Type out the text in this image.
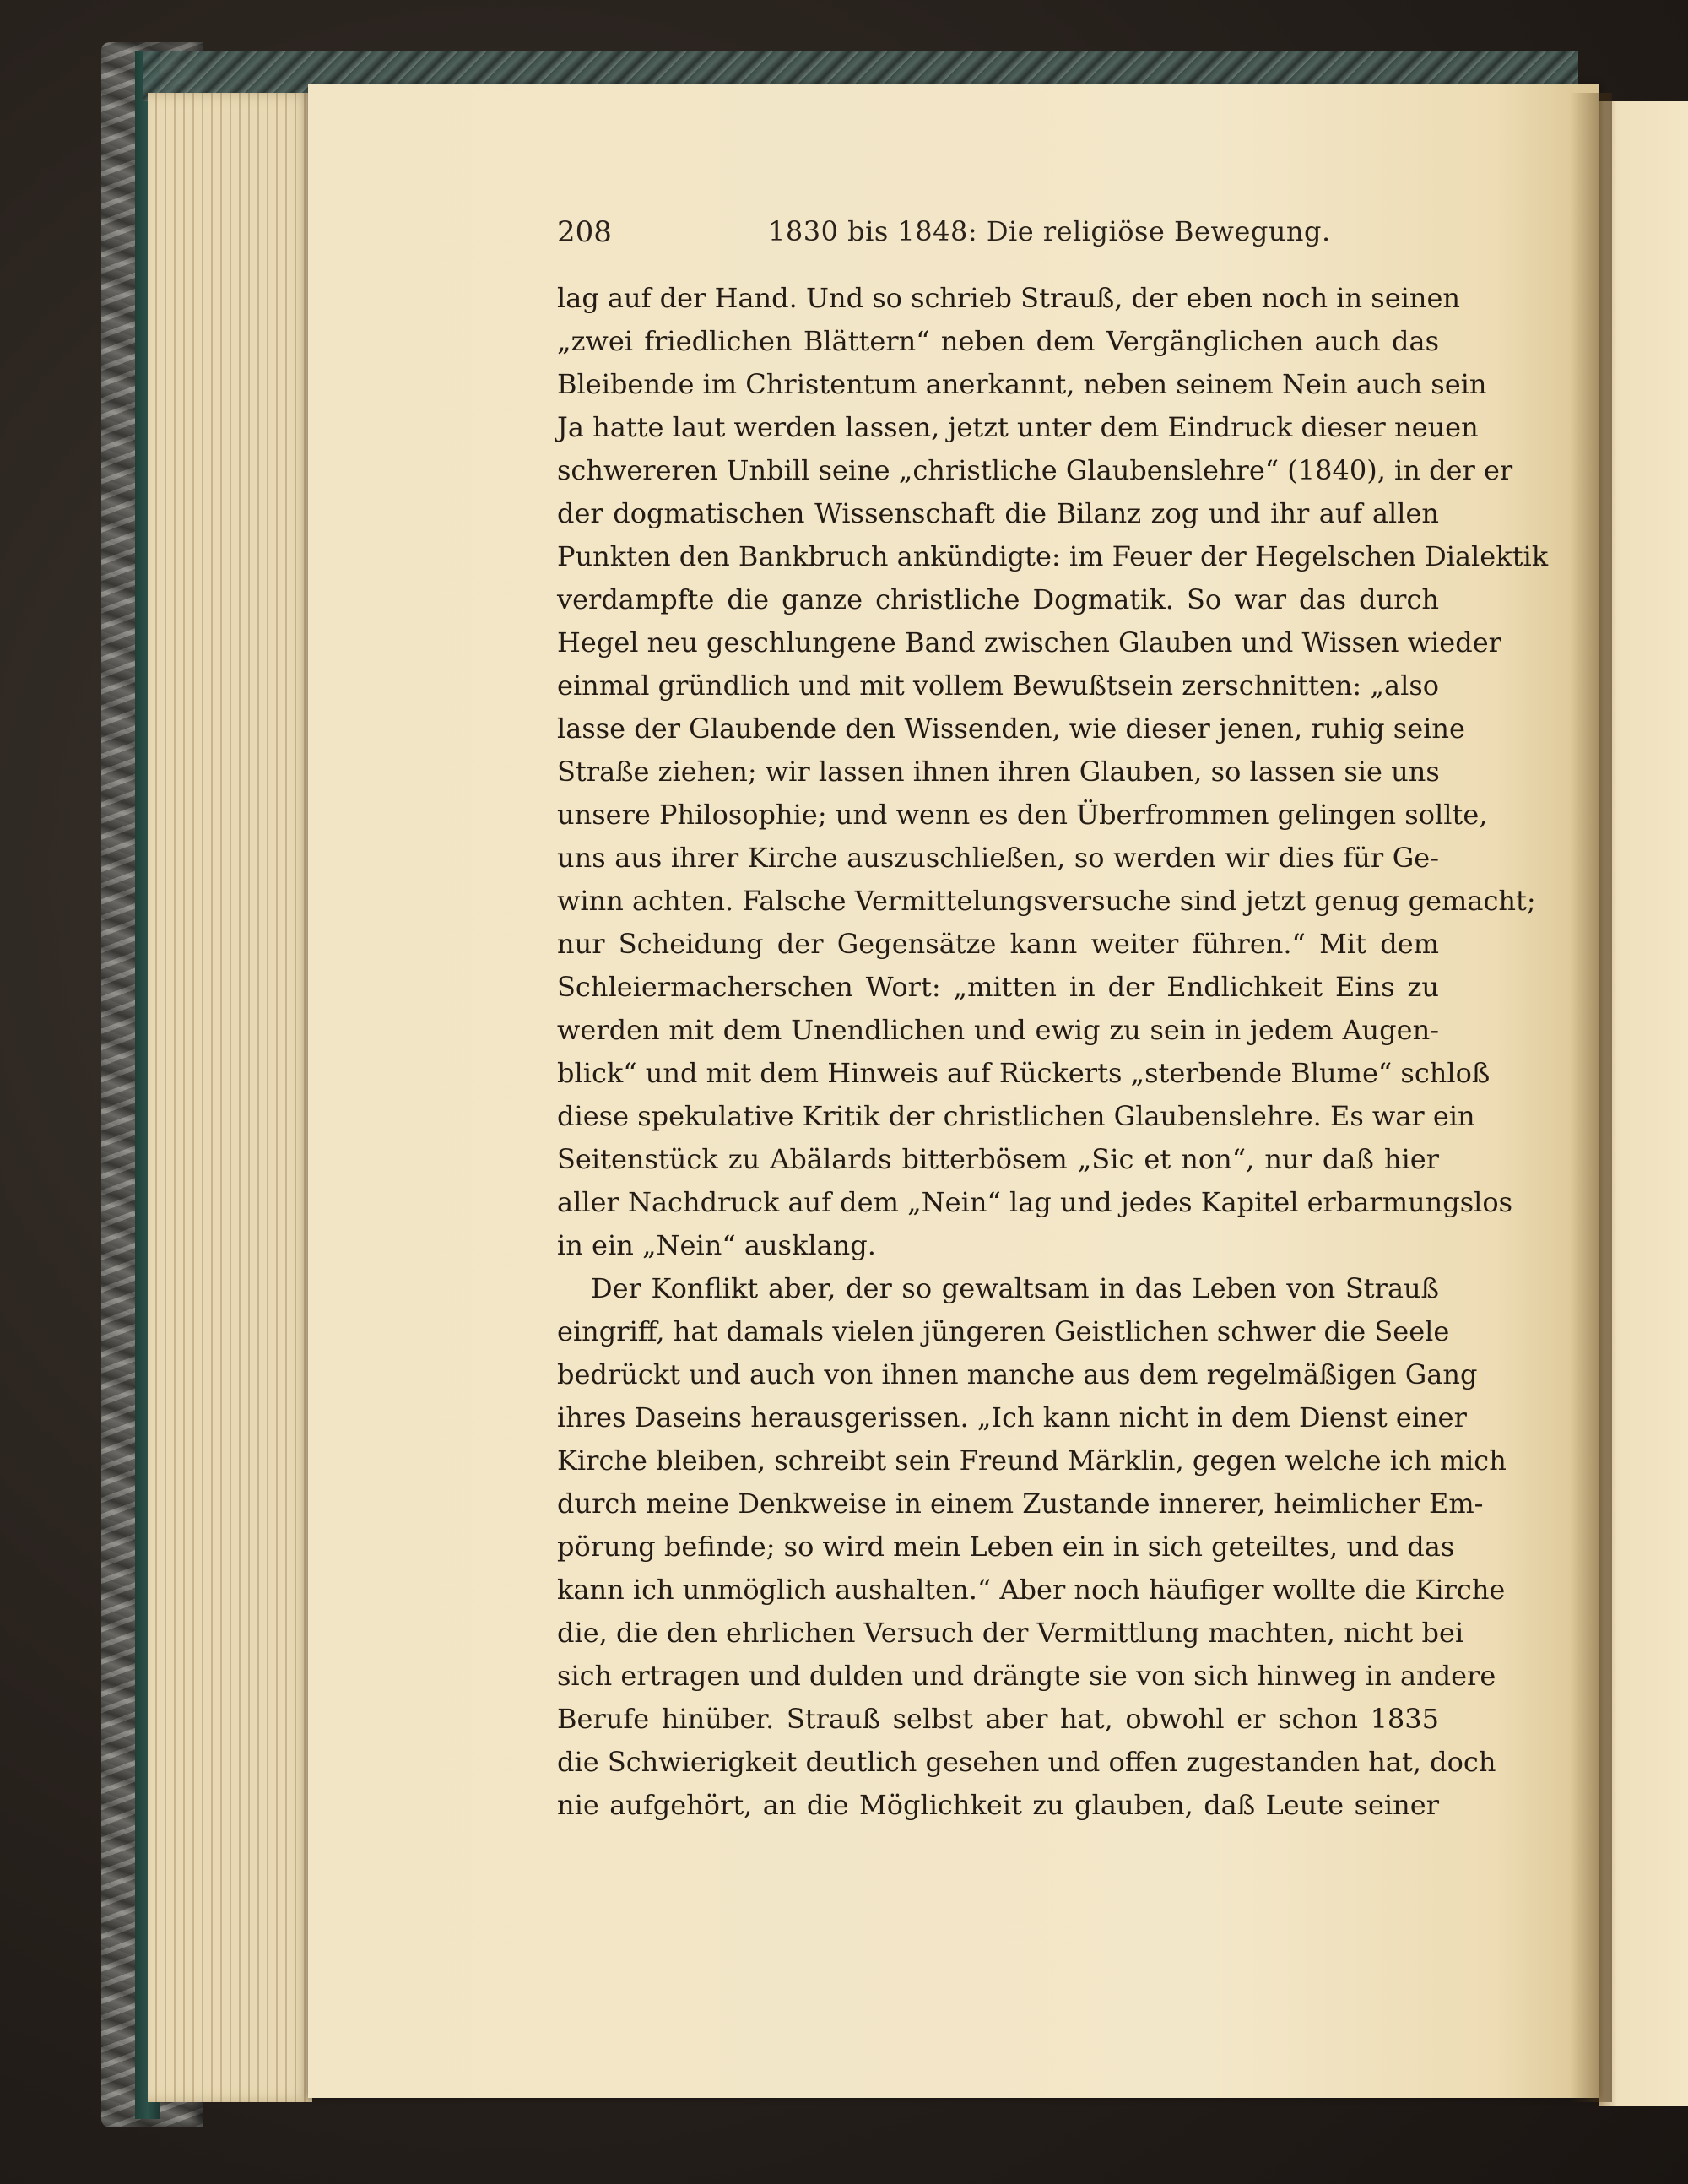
208	1830 bis 1848: Die religiöse Bewegung.
lag auf der Hand. Und so schrieb Strauß, der eben noch in seinen
„zwei friedlichen Blättern“ neben dem Vergänglichen auch das
Bleibende im Christentum anerkannt, neben seinem Nein auch sein
Ja hatte laut werden lassen, jetzt unter dem Eindruck dieser neuen
schwereren Unbill seine „christliche Glaubenslehre“ (1840), in der er
der dogmatischen Wissenschaft die Bilanz zog und ihr auf allen
Punkten den Bankbruch ankündigte: im Feuer der Hegelschen Dialektik
verdampfte die ganze christliche Dogmatik. So war das durch
Hegel neu geschlungene Band zwischen Glauben und Wissen wieder
einmal gründlich und mit vollem Bewußtsein zerschnitten: „also
lasse der Glaubende den Wissenden, wie dieser jenen, ruhig seine
Straße ziehen; wir lassen ihnen ihren Glauben, so lassen sie uns
unsere Philosophie; und wenn es den Überfrommen gelingen sollte,
uns aus ihrer Kirche auszuschließen, so werden wir dies für Ge-
winn achten. Falsche Vermittelungsversuche sind jetzt genug gemacht;
nur Scheidung der Gegensätze kann weiter führen.“ Mit dem
Schleiermacherschen Wort: „mitten in der Endlichkeit Eins zu
werden mit dem Unendlichen und ewig zu sein in jedem Augen-
blick“ und mit dem Hinweis auf Rückerts „sterbende Blume“ schloß
diese spekulative Kritik der christlichen Glaubenslehre. Es war ein
Seitenstück zu Abälards bitterbösem „Sic et non“, nur daß hier
aller Nachdruck auf dem „Nein“ lag und jedes Kapitel erbarmungslos
in ein „Nein“ ausklang.
Der Konflikt aber, der so gewaltsam in das Leben von Strauß
eingriff, hat damals vielen jüngeren Geistlichen schwer die Seele
bedrückt und auch von ihnen manche aus dem regelmäßigen Gang
ihres Daseins herausgerissen. „Ich kann nicht in dem Dienst einer
Kirche bleiben, schreibt sein Freund Märklin, gegen welche ich mich
durch meine Denkweise in einem Zustande innerer, heimlicher Em-
pörung befinde; so wird mein Leben ein in sich geteiltes, und das
kann ich unmöglich aushalten.“ Aber noch häufiger wollte die Kirche
die, die den ehrlichen Versuch der Vermittlung machten, nicht bei
sich ertragen und dulden und drängte sie von sich hinweg in andere
Berufe hinüber. Strauß selbst aber hat, obwohl er schon 1835
die Schwierigkeit deutlich gesehen und offen zugestanden hat, doch
nie aufgehört, an die Möglichkeit zu glauben, daß Leute seiner
